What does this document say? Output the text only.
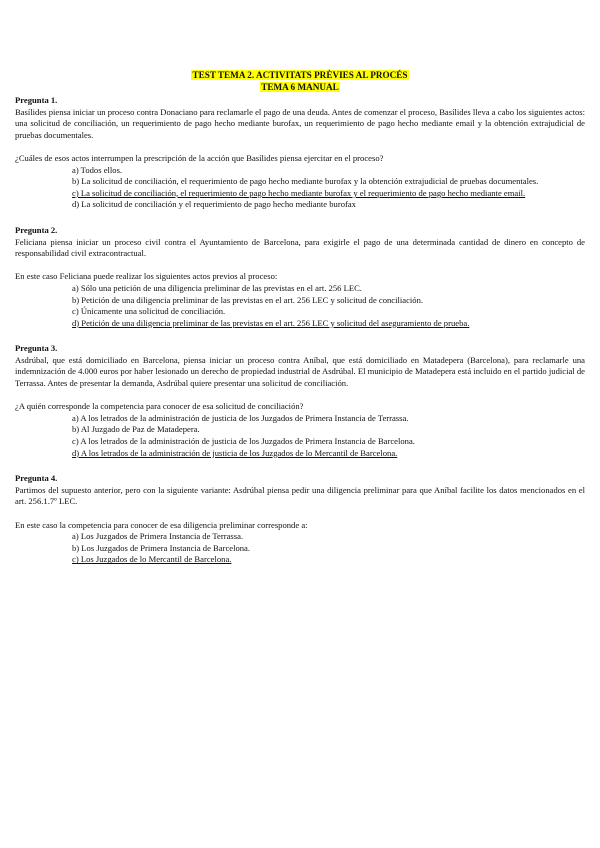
TEST TEMA 2. ACTIVITATS PRÈVIES AL PROCÉS
TEMA 6 MANUAL
Pregunta 1.
Basílides piensa iniciar un proceso contra Donaciano para reclamarle el pago de una deuda. Antes de comenzar el proceso, Basílides lleva a cabo los siguientes actos: una solicitud de conciliación, un requerimiento de pago hecho mediante burofax, un requerimiento de pago hecho mediante email y la obtención extrajudicial de pruebas documentales.
¿Cuáles de esos actos interrumpen la prescripción de la acción que Basílides piensa ejercitar en el proceso?
a) Todos ellos.
b) La solicitud de conciliación, el requerimiento de pago hecho mediante burofax y la obtención extrajudicial de pruebas documentales.
c) La solicitud de conciliación, el requerimiento de pago hecho mediante burofax y el requerimiento de pago hecho mediante email.
d) La solicitud de conciliación y el requerimiento de pago hecho mediante burofax
Pregunta 2.
Feliciana piensa iniciar un proceso civil contra el Ayuntamiento de Barcelona, para exigirle el pago de una determinada cantidad de dinero en concepto de responsabilidad civil extracontractual.
En este caso Feliciana puede realizar los siguientes actos previos al proceso:
a) Sólo una petición de una diligencia preliminar de las previstas en el art. 256 LEC.
b) Petición de una diligencia preliminar de las previstas en el art. 256 LEC y solicitud de conciliación.
c) Únicamente una solicitud de conciliación.
d) Petición de una diligencia preliminar de las previstas en el art. 256 LEC y solicitud del aseguramiento de prueba.
Pregunta 3.
Asdrúbal, que está domiciliado en Barcelona, piensa iniciar un proceso contra Aníbal, que está domiciliado en Matadepera (Barcelona), para reclamarle una indemnización de 4.000 euros por haber lesionado un derecho de propiedad industrial de Asdrúbal. El municipio de Matadepera está incluido en el partido judicial de Terrassa. Antes de presentar la demanda, Asdrúbal quiere presentar una solicitud de conciliación.
¿A quién corresponde la competencia para conocer de esa solicitud de conciliación?
a) A los letrados de la administración de justicia de los Juzgados de Primera Instancia de Terrassa.
b) Al Juzgado de Paz de Matadepera.
c) A los letrados de la administración de justicia de los Juzgados de Primera Instancia de Barcelona.
d) A los letrados de la administración de justicia de los Juzgados de lo Mercantil de Barcelona.
Pregunta 4.
Partimos del supuesto anterior, pero con la siguiente variante: Asdrúbal piensa pedir una diligencia preliminar para que Aníbal facilite los datos mencionados en el art. 256.1.7º LEC.
En este caso la competencia para conocer de esa diligencia preliminar corresponde a:
a) Los Juzgados de Primera Instancia de Terrassa.
b) Los Juzgados de Primera Instancia de Barcelona.
c) Los Juzgados de lo Mercantil de Barcelona.
